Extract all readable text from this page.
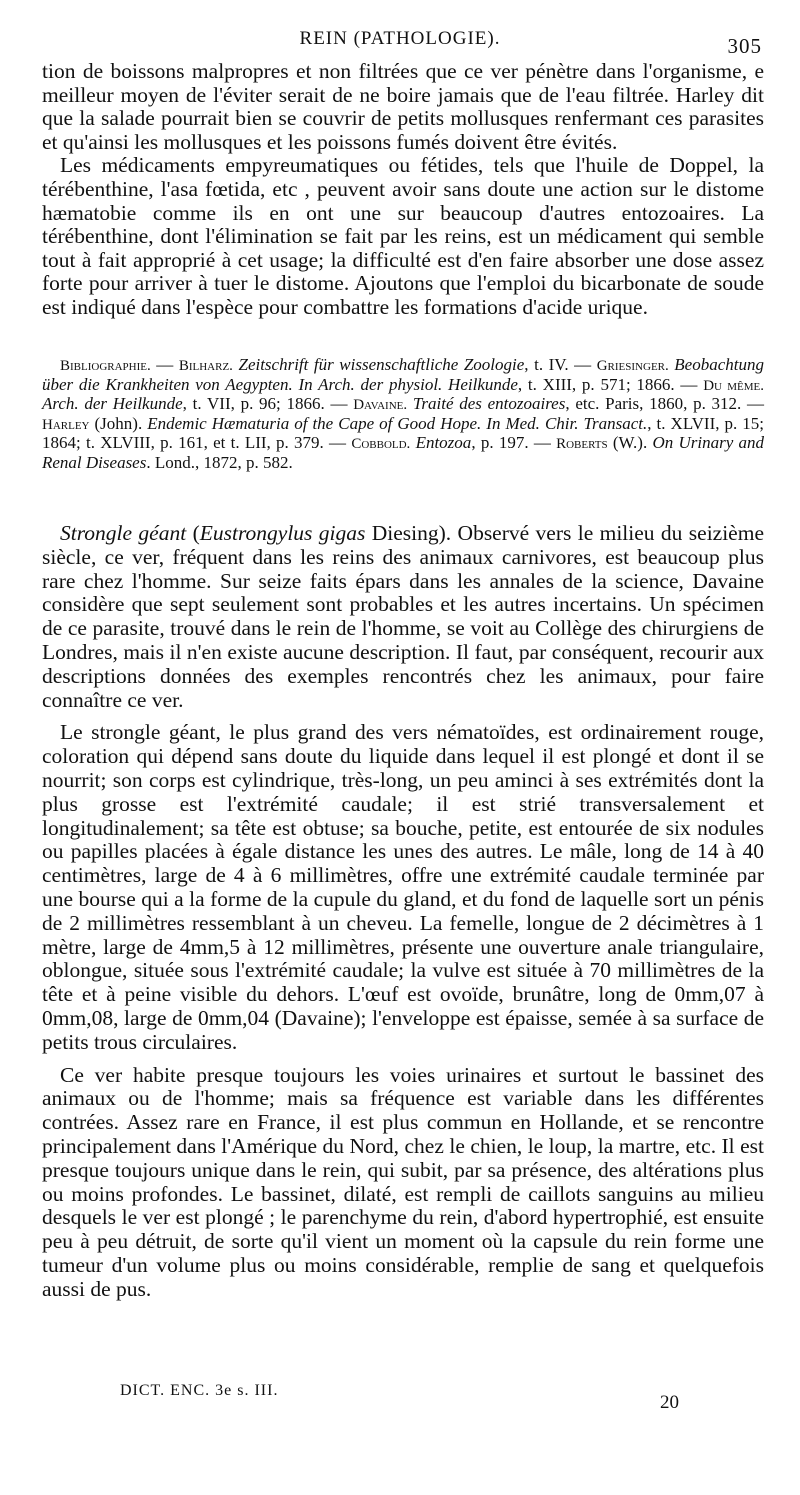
REIN (PATHOLOGIE).	305

tion de boissons malpropres et non filtrées que ce ver pénètre dans l'organisme, e meilleur moyen de l'éviter serait de ne boire jamais que de l'eau filtrée. Harley dit que la salade pourrait bien se couvrir de petits mollusques renfermant ces parasites et qu'ainsi les mollusques et les poissons fumés doivent être évités.

Les médicaments empyreumatiques ou fétides, tels que l'huile de Doppel, la térébenthine, l'asa fœtida, etc , peuvent avoir sans doute une action sur le distome hæmatobie comme ils en ont une sur beaucoup d'autres entozoaires. La térébenthine, dont l'élimination se fait par les reins, est un médicament qui semble tout à fait approprié à cet usage; la difficulté est d'en faire absorber une dose assez forte pour arriver à tuer le distome. Ajoutons que l'emploi du bicarbonate de soude est indiqué dans l'espèce pour combattre les formations d'acide urique.

Bibliographie. — Bilharz. Zeitschrift für wissenschaftliche Zoologie, t. IV. — Griesinger. Beobachtung über die Krankheiten von Aegypten. In Arch. der physiol. Heilkunde, t. XIII, p. 571; 1866. — Du même. Arch. der Heilkunde, t. VII, p. 96; 1866. — Davaine. Traité des entozoaires, etc. Paris, 1860, p. 312. — Harley (John). Endemic Hæmaturia of the Cape of Good Hope. In Med. Chir. Transact., t. XLVII, p. 15; 1864; t. XLVIII, p. 161, et t. LII, p. 379. — Cobbold. Entozoa, p. 197. — Roberts (W.). On Urinary and Renal Diseases. Lond., 1872, p. 582.

Strongle géant (Eustrongylus gigas Diesing). Observé vers le milieu du seizième siècle, ce ver, fréquent dans les reins des animaux carnivores, est beaucoup plus rare chez l'homme. Sur seize faits épars dans les annales de la science, Davaine considère que sept seulement sont probables et les autres incertains. Un spécimen de ce parasite, trouvé dans le rein de l'homme, se voit au Collège des chirurgiens de Londres, mais il n'en existe aucune description. Il faut, par conséquent, recourir aux descriptions données des exemples rencontrés chez les animaux, pour faire connaître ce ver.

Le strongle géant, le plus grand des vers nématoïdes, est ordinairement rouge, coloration qui dépend sans doute du liquide dans lequel il est plongé et dont il se nourrit; son corps est cylindrique, très-long, un peu aminci à ses extrémités dont la plus grosse est l'extrémité caudale; il est strié transversalement et longitudinalement; sa tête est obtuse; sa bouche, petite, est entourée de six nodules ou papilles placées à égale distance les unes des autres. Le mâle, long de 14 à 40 centimètres, large de 4 à 6 millimètres, offre une extrémité caudale terminée par une bourse qui a la forme de la cupule du gland, et du fond de laquelle sort un pénis de 2 millimètres ressemblant à un cheveu. La femelle, longue de 2 décimètres à 1 mètre, large de 4mm,5 à 12 millimètres, présente une ouverture anale triangulaire, oblongue, située sous l'extrémité caudale; la vulve est située à 70 millimètres de la tête et à peine visible du dehors. L'œuf est ovoïde, brunâtre, long de 0mm,07 à 0mm,08, large de 0mm,04 (Davaine); l'enveloppe est épaisse, semée à sa surface de petits trous circulaires.

Ce ver habite presque toujours les voies urinaires et surtout le bassinet des animaux ou de l'homme; mais sa fréquence est variable dans les différentes contrées. Assez rare en France, il est plus commun en Hollande, et se rencontre principalement dans l'Amérique du Nord, chez le chien, le loup, la martre, etc. Il est presque toujours unique dans le rein, qui subit, par sa présence, des altérations plus ou moins profondes. Le bassinet, dilaté, est rempli de caillots sanguins au milieu desquels le ver est plongé ; le parenchyme du rein, d'abord hypertrophié, est ensuite peu à peu détruit, de sorte qu'il vient un moment où la capsule du rein forme une tumeur d'un volume plus ou moins considérable, remplie de sang et quelquefois aussi de pus.

DICT. ENC. 3e s. III.
20
